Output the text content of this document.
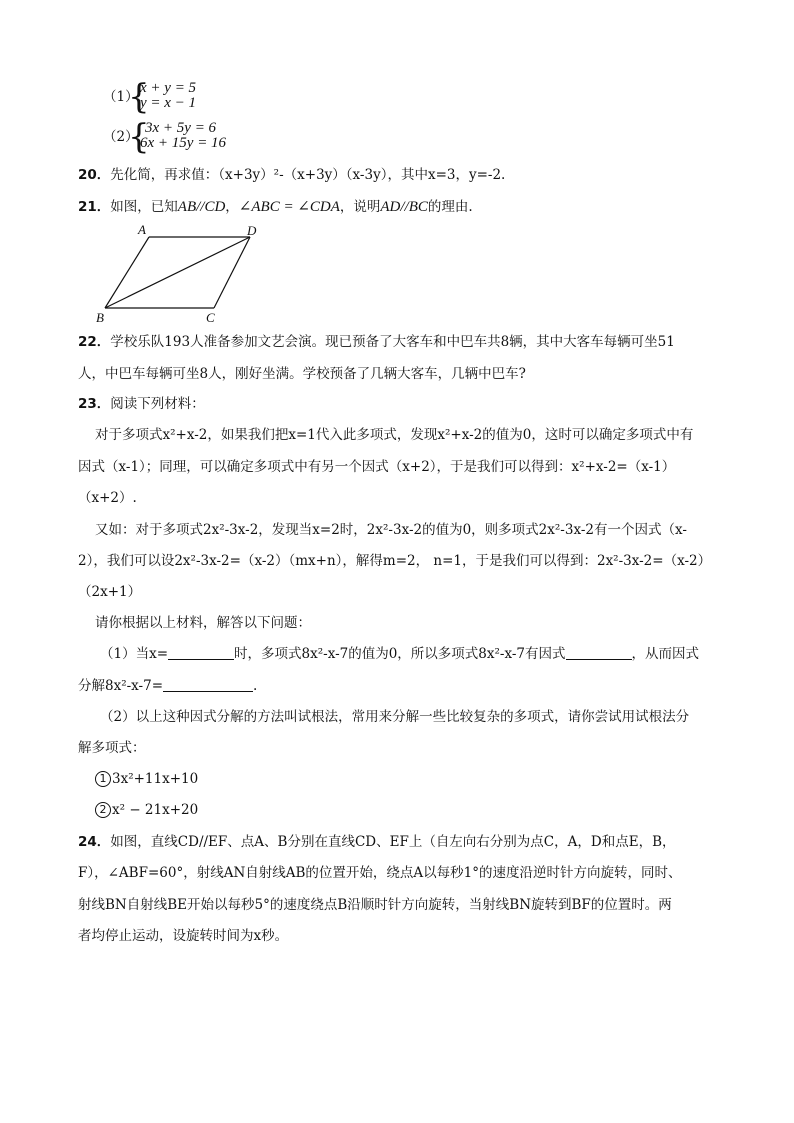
（1）
{
x + y = 5
y = x − 1
（2）
{
3x + 5y = 6
6x + 15y = 16
20．先化简，再求值：（x+3y）²-（x+3y）（x-3y），其中x=3，y=-2.
21．如图，已知AB//CD，∠ABC = ∠CDA，说明AD//BC的理由.
A	D
B	C
22．学校乐队193人准备参加文艺会演。现已预备了大客车和中巴车共8辆，其中大客车每辆可坐51
人，中巴车每辆可坐8人，刚好坐满。学校预备了几辆大客车，几辆中巴车?
23．阅读下列材料：
对于多项式x²+x-2，如果我们把x=1代入此多项式，发现x²+x-2的值为0，这时可以确定多项式中有
因式（x-1）；同理，可以确定多项式中有另一个因式（x+2），于是我们可以得到：x²+x-2=（x-1）
（x+2）.
又如：对于多项式2x²-3x-2，发现当x=2时，2x²-3x-2的值为0，则多项式2x²-3x-2有一个因式（x-
2），我们可以设2x²-3x-2=（x-2）（mx+n），解得m=2， n=1，于是我们可以得到：2x²-3x-2=（x-2）
（2x+1）
请你根据以上材料，解答以下问题：
（1）当x=	时，多项式8x²-x-7的值为0，所以多项式8x²-x-7有因式	，从而因式
分解8x²-x-7=	.
（2）以上这种因式分解的方法叫试根法，常用来分解一些比较复杂的多项式，请你尝试用试根法分
解多项式：
1 3x²+11x+10
2 x² − 21x+20
24．如图，直线CD//EF、点A、B分别在直线CD、EF上（自左向右分别为点C，A，D和点E，B，
F），∠ABF=60°，射线AN自射线AB的位置开始，绕点A以每秒1°的速度沿逆时针方向旋转，同时、
射线BN自射线BE开始以每秒5°的速度绕点B沿顺时针方向旋转，当射线BN旋转到BF的位置时。两
者均停止运动，设旋转时间为x秒。
